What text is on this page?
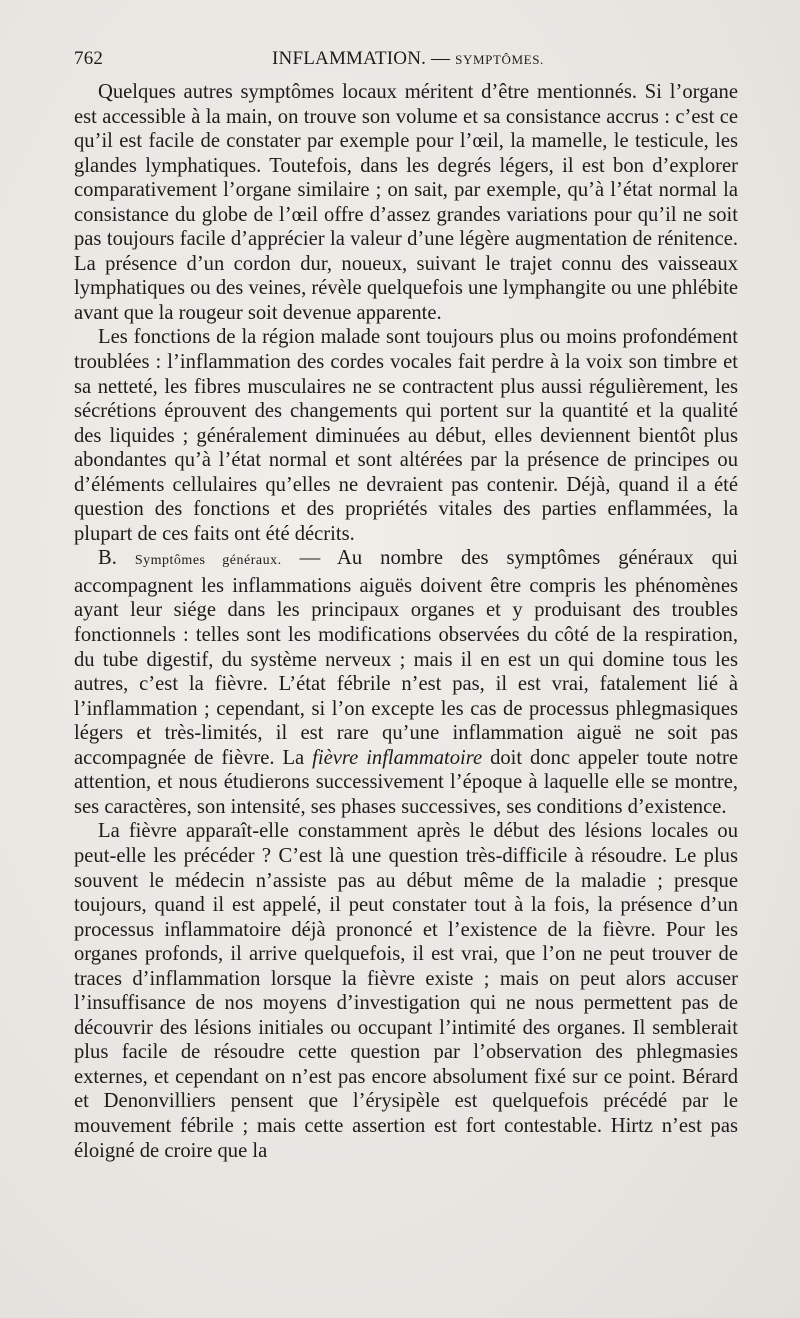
762	INFLAMMATION. — SYMPTÔMES.

Quelques autres symptômes locaux méritent d’être mentionnés. Si l’organe est accessible à la main, on trouve son volume et sa consistance accrus : c’est ce qu’il est facile de constater par exemple pour l’œil, la mamelle, le testicule, les glandes lymphatiques. Toutefois, dans les degrés légers, il est bon d’explorer comparativement l’organe similaire ; on sait, par exemple, qu’à l’état normal la consistance du globe de l’œil offre d’assez grandes variations pour qu’il ne soit pas toujours facile d’apprécier la valeur d’une légère augmentation de rénitence. La présence d’un cordon dur, noueux, suivant le trajet connu des vaisseaux lymphatiques ou des veines, révèle quelquefois une lymphangite ou une phlébite avant que la rougeur soit devenue apparente.

Les fonctions de la région malade sont toujours plus ou moins profondément troublées : l’inflammation des cordes vocales fait perdre à la voix son timbre et sa netteté, les fibres musculaires ne se contractent plus aussi régulièrement, les sécrétions éprouvent des changements qui portent sur la quantité et la qualité des liquides ; généralement diminuées au début, elles deviennent bientôt plus abondantes qu’à l’état normal et sont altérées par la présence de principes ou d’éléments cellulaires qu’elles ne devraient pas contenir. Déjà, quand il a été question des fonctions et des propriétés vitales des parties enflammées, la plupart de ces faits ont été décrits.

B. Symptômes généraux. — Au nombre des symptômes généraux qui accompagnent les inflammations aiguës doivent être compris les phénomènes ayant leur siége dans les principaux organes et y produisant des troubles fonctionnels : telles sont les modifications observées du côté de la respiration, du tube digestif, du système nerveux ; mais il en est un qui domine tous les autres, c’est la fièvre. L’état fébrile n’est pas, il est vrai, fatalement lié à l’inflammation ; cependant, si l’on excepte les cas de processus phlegmasiques légers et très-limités, il est rare qu’une inflammation aiguë ne soit pas accompagnée de fièvre. La fièvre inflammatoire doit donc appeler toute notre attention, et nous étudierons successivement l’époque à laquelle elle se montre, ses caractères, son intensité, ses phases successives, ses conditions d’existence.

La fièvre apparaît-elle constamment après le début des lésions locales ou peut-elle les précéder ? C’est là une question très-difficile à résoudre. Le plus souvent le médecin n’assiste pas au début même de la maladie ; presque toujours, quand il est appelé, il peut constater tout à la fois, la présence d’un processus inflammatoire déjà prononcé et l’existence de la fièvre. Pour les organes profonds, il arrive quelquefois, il est vrai, que l’on ne peut trouver de traces d’inflammation lorsque la fièvre existe ; mais on peut alors accuser l’insuffisance de nos moyens d’investigation qui ne nous permettent pas de découvrir des lésions initiales ou occupant l’intimité des organes. Il semblerait plus facile de résoudre cette question par l’observation des phlegmasies externes, et cependant on n’est pas encore absolument fixé sur ce point. Bérard et Denonvilliers pensent que l’érysipèle est quelquefois précédé par le mouvement fébrile ; mais cette assertion est fort contestable. Hirtz n’est pas éloigné de croire que la
